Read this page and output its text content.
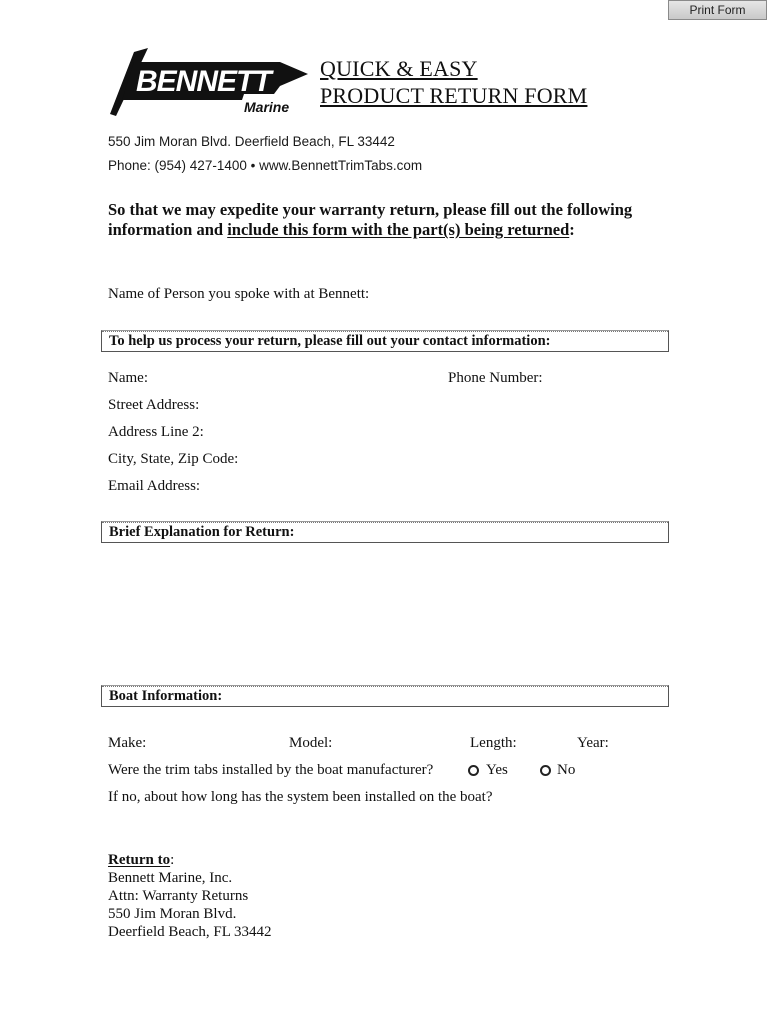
Print Form
BENNETT
Marine
QUICK & EASY
PRODUCT RETURN FORM
550 Jim Moran Blvd. Deerfield Beach, FL 33442
Phone: (954) 427-1400 • www.BennettTrimTabs.com
So that we may expedite your warranty return, please fill out the following information and include this form with the part(s) being returned:
Name of Person you spoke with at Bennett:
To help us process your return, please fill out your contact information:
Name:	Phone Number:
Street Address:
Address Line 2:
City, State, Zip Code:
Email Address:
Brief Explanation for Return:
Boat Information:
Make:	Model:	Length:	Year:
Were the trim tabs installed by the boat manufacturer?	Yes	No
If no, about how long has the system been installed on the boat?
Return to:
Bennett Marine, Inc.
Attn: Warranty Returns
550 Jim Moran Blvd.
Deerfield Beach, FL 33442
